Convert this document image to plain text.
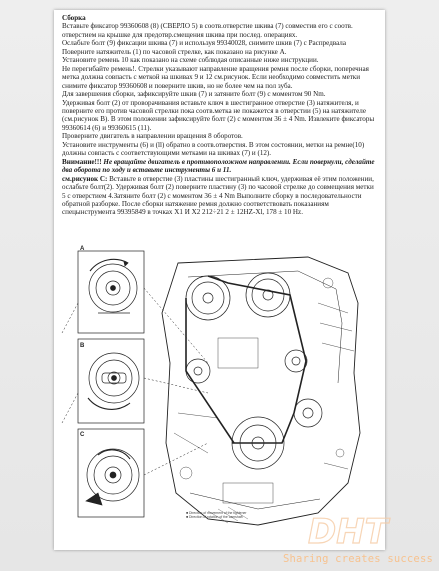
Сборка

Вставьте фиксатор 99360608 (8) (СВЕРЛО 5) в соотв.отверстие шкива (7) совместив его с соотв. отверстием на крышке для предотвр.смещения шкива при послед. операциях.

Ослабьте болт (9) фиксации шкива (7) и используя 99340028, снимите шкив (7) с Распредвала Поверните натяжитель (1) по часовой стрелке, как показано на рисунке А.

Установите ремень 10 как показано на схеме соблюдая описанные ниже инструкции.

Не перегибайте ремень!. Стрелки указывают направление вращения ремня после сборки, поперечная метка должна совпасть с меткой на шкивах 9 и 12 см.рисунок. Если необходимо совместить метки снимите фиксатор 99360608 и поверните шкив, но не более чем на пол зуба.

Для завершения сборки, зафиксируйте шкив (7) и затяните болт (9) с моментом 90 Nm.

Удерживая болт (2) от проворачивания вставьте ключ в шестигранное отверстие (3) натяжителя, и поверните его против часовой стрелки пока соотв.метка не покажется в отверстии (5) на натяжителе (см.рисунок В). В этом положении зафиксируйте болт (2) с моментом 36 ± 4 Nm. Извлеките фиксаторы 99360614 (6) и 99360615 (11).

Проверните двигатель в направлении вращения 8 оборотов.

Установите инструменты (6) и (ll) обратно в соотв.отверстия. В этом состоянии, метки на ремне(10) должны совпасть с соответствующими метками на шкивах (7) и (12).

Внимание!!! Не вращайте двигатель в противоположном направлении. Если повернули, сделайте два оборота по ходу и вставьте инструменты 6 и 11.

см.рисунок С: Вставьте в отверстие (3) пластины шестигранный ключ, удерживая её этим положении, ослабьте болт(2). Удерживая болт (2) поверните пластину (3) по часовой стрелке до совмещения метки 5 с отверстием 4.Затяните болт (2) с моментом 36 ± 4 Nm Выполните сборку в последовательности обратной разборке. После сборки натяжение ремня должно соответствовать показаниям спецынструмента 99395849 в точках X1 И X2 212÷21 2 ± 12HZ-Xl, 178 ± 10 Hz.

A
B
C

■ Direction of movement of the tightener

■ Direction of rotation of the camshaft	DHT
Sharing creates success
